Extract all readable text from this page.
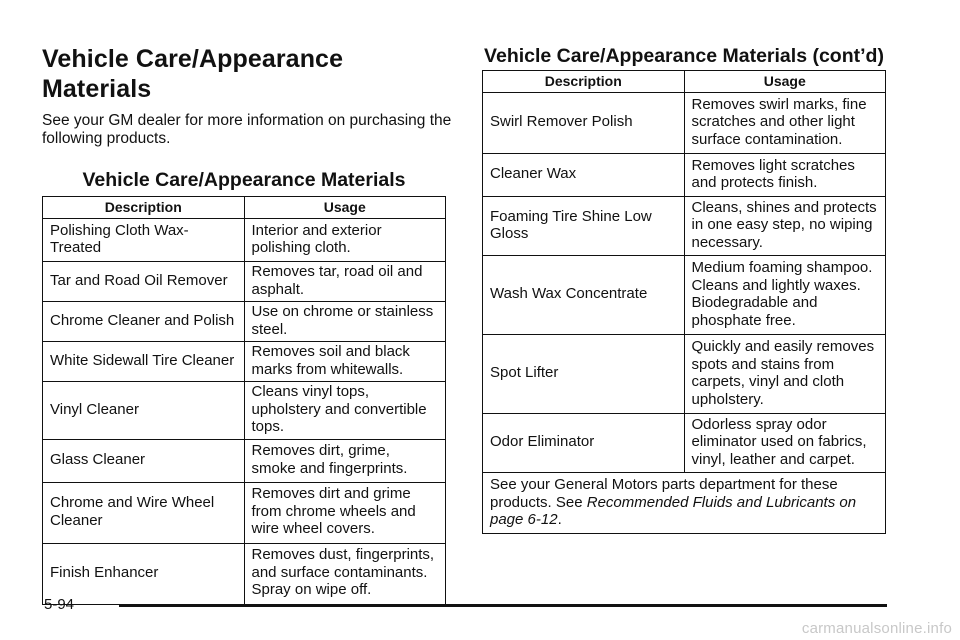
Vehicle Care/Appearance Materials

See your GM dealer for more information on purchasing the following products.

Vehicle Care/Appearance Materials
Description	Usage
Polishing Cloth Wax-Treated	Interior and exterior polishing cloth.
Tar and Road Oil Remover	Removes tar, road oil and asphalt.
Chrome Cleaner and Polish	Use on chrome or stainless steel.
White Sidewall Tire Cleaner	Removes soil and black marks from whitewalls.
Vinyl Cleaner	Cleans vinyl tops, upholstery and convertible tops.
Glass Cleaner	Removes dirt, grime, smoke and fingerprints.
Chrome and Wire Wheel Cleaner	Removes dirt and grime from chrome wheels and wire wheel covers.
Finish Enhancer	Removes dust, fingerprints, and surface contaminants. Spray on wipe off.
Vehicle Care/Appearance Materials (cont’d)
Description	Usage
Swirl Remover Polish	Removes swirl marks, fine scratches and other light surface contamination.
Cleaner Wax	Removes light scratches and protects finish.
Foaming Tire Shine Low Gloss	Cleans, shines and protects in one easy step, no wiping necessary.
Wash Wax Concentrate	Medium foaming shampoo. Cleans and lightly waxes. Biodegradable and phosphate free.
Spot Lifter	Quickly and easily removes spots and stains from carpets, vinyl and cloth upholstery.
Odor Eliminator	Odorless spray odor eliminator used on fabrics, vinyl, leather and carpet.
See your General Motors parts department for these products. See Recommended Fluids and Lubricants on page 6-12.	
5-94
carmanualsonline.info
